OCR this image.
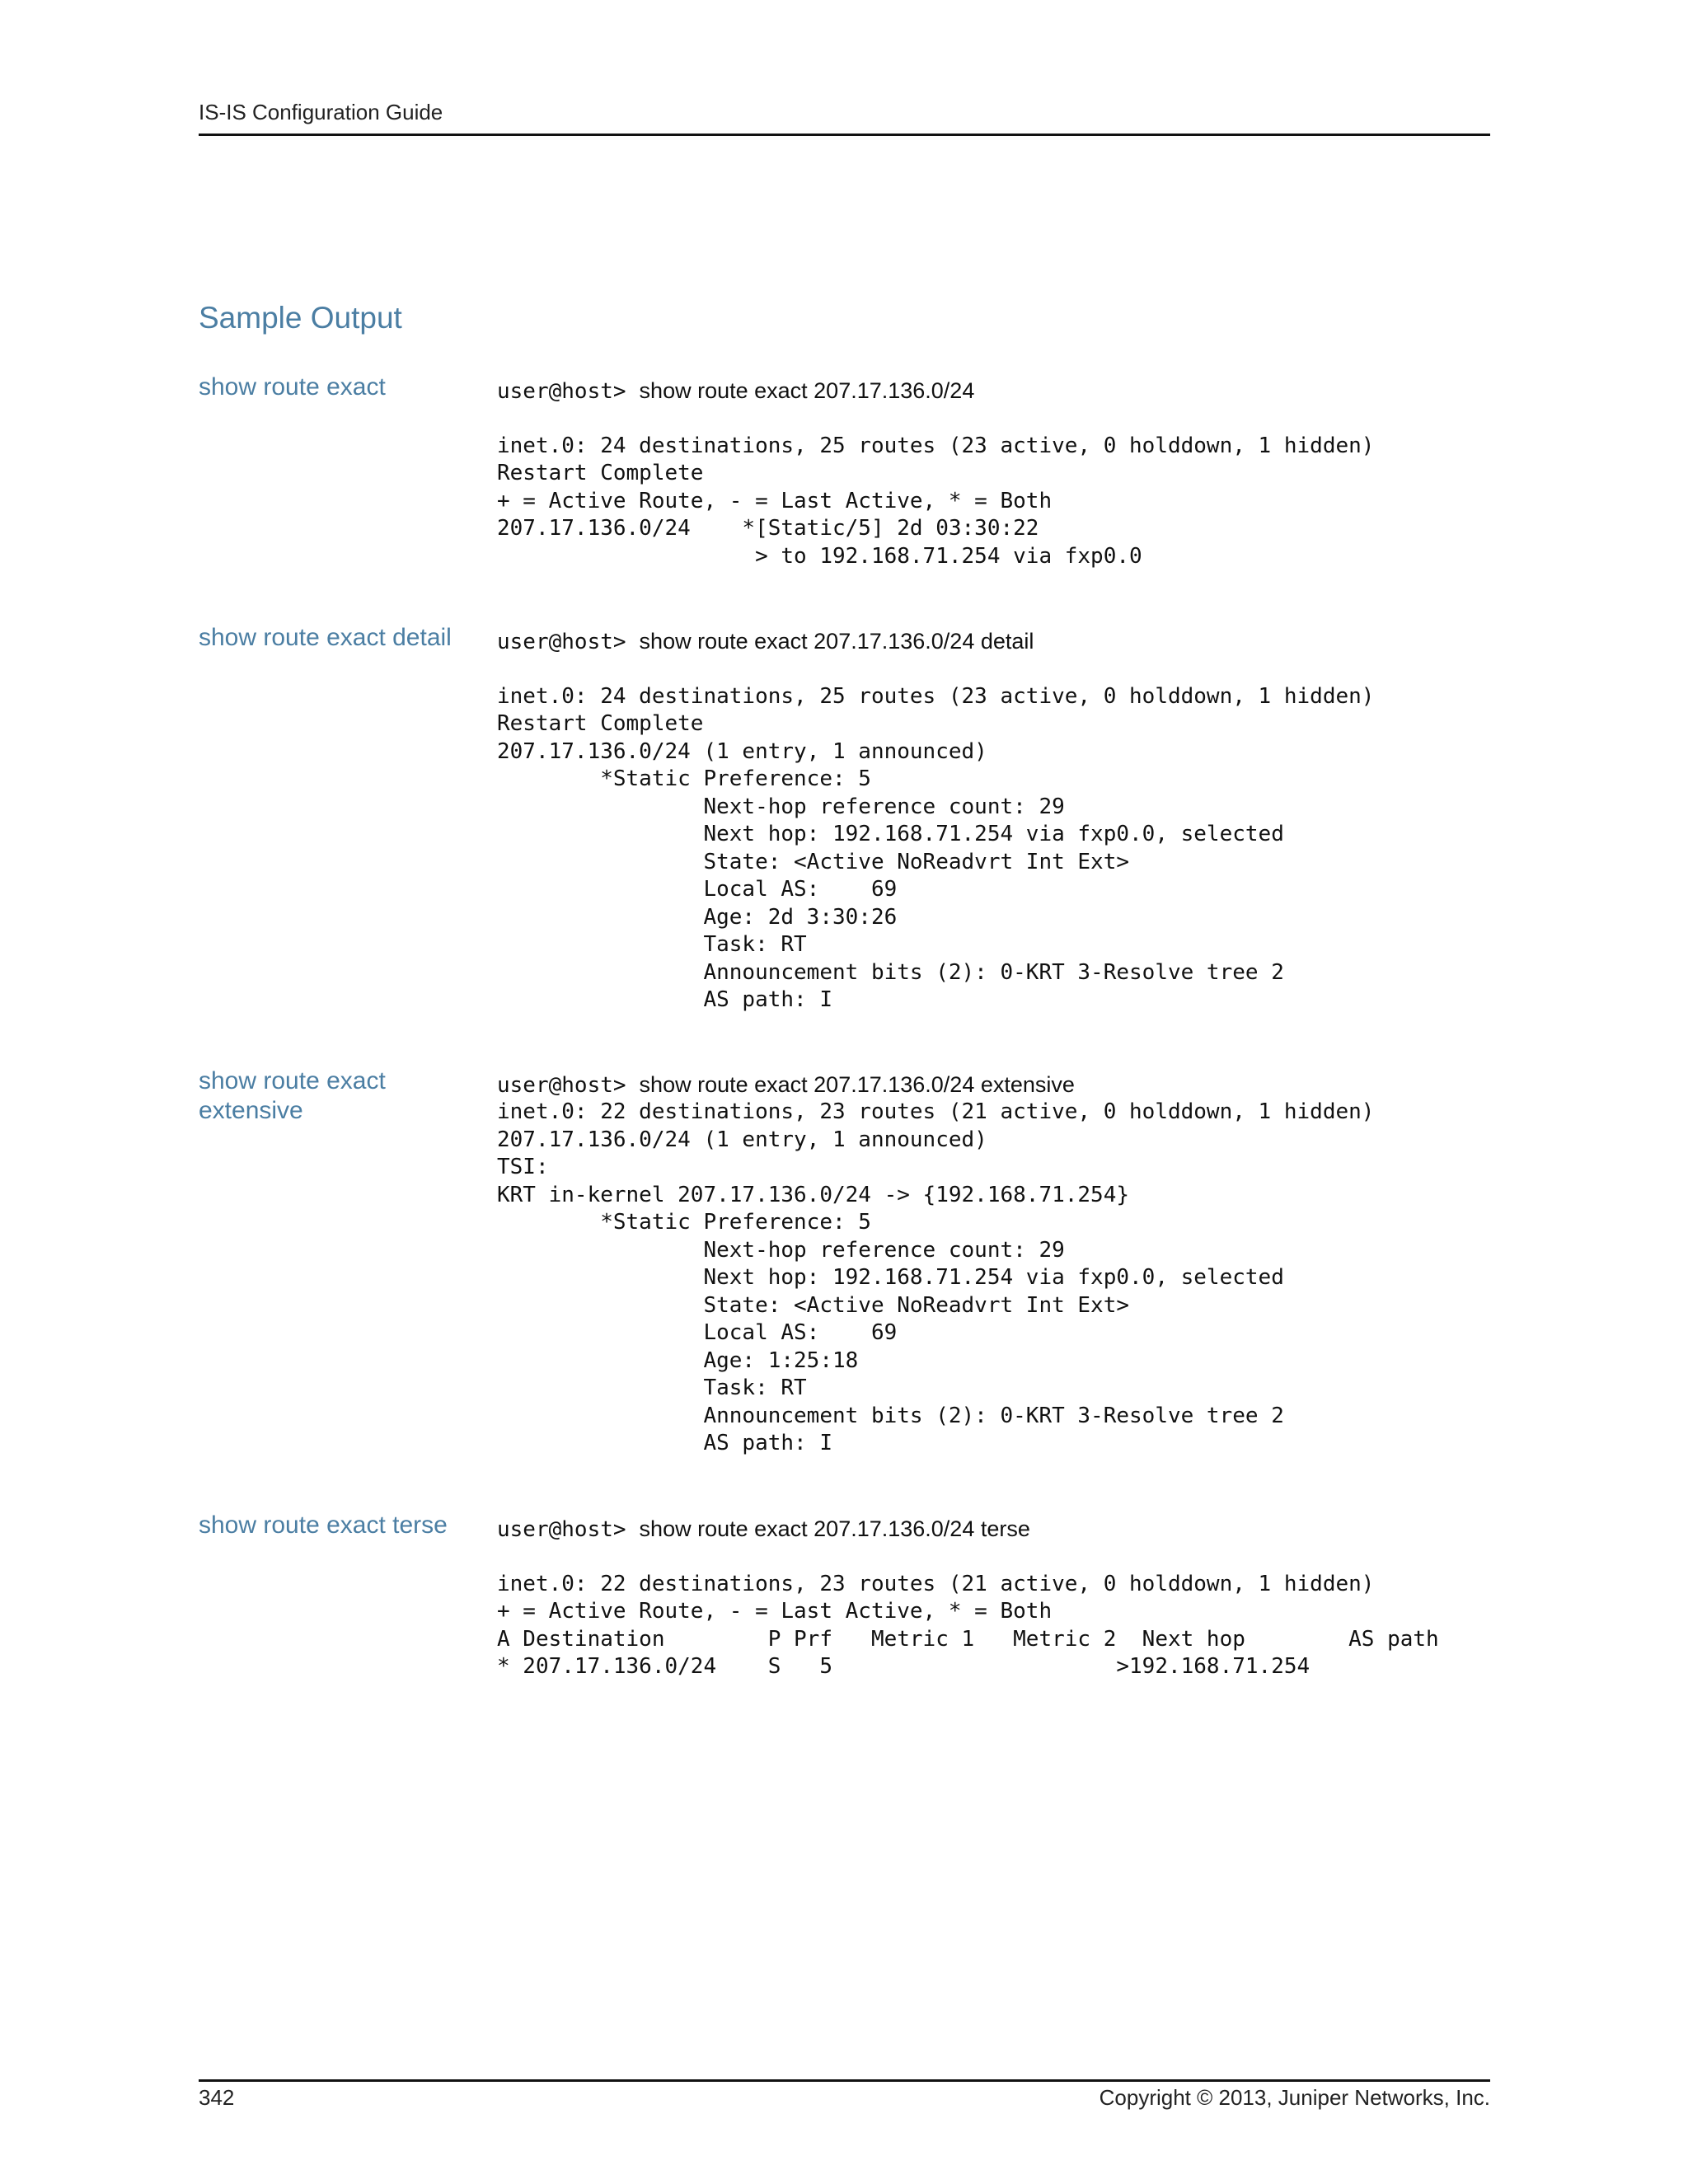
IS-IS Configuration Guide
Sample Output
show route exact	user@host> show route exact 207.17.136.0/24
inet.0: 24 destinations, 25 routes (23 active, 0 holddown, 1 hidden)
Restart Complete
+ = Active Route, - = Last Active, * = Both
207.17.136.0/24    *[Static/5] 2d 03:30:22
> to 192.168.71.254 via fxp0.0
show route exact detail	user@host> show route exact 207.17.136.0/24 detail
inet.0: 24 destinations, 25 routes (23 active, 0 holddown, 1 hidden)
Restart Complete
207.17.136.0/24 (1 entry, 1 announced)
*Static Preference: 5
Next-hop reference count: 29
Next hop: 192.168.71.254 via fxp0.0, selected
State: <Active NoReadvrt Int Ext>
Local AS:    69
Age: 2d 3:30:26
Task: RT
Announcement bits (2): 0-KRT 3-Resolve tree 2
AS path: I
show route exact
extensive
user@host> show route exact 207.17.136.0/24 extensive
inet.0: 22 destinations, 23 routes (21 active, 0 holddown, 1 hidden)
207.17.136.0/24 (1 entry, 1 announced)
TSI:
KRT in-kernel 207.17.136.0/24 -> {192.168.71.254}
*Static Preference: 5
Next-hop reference count: 29
Next hop: 192.168.71.254 via fxp0.0, selected
State: <Active NoReadvrt Int Ext>
Local AS:    69
Age: 1:25:18
Task: RT
Announcement bits (2): 0-KRT 3-Resolve tree 2
AS path: I
show route exact terse	user@host> show route exact 207.17.136.0/24 terse
inet.0: 22 destinations, 23 routes (21 active, 0 holddown, 1 hidden)
+ = Active Route, - = Last Active, * = Both
A Destination        P Prf   Metric 1   Metric 2  Next hop        AS path
* 207.17.136.0/24    S   5                      >192.168.71.254
342	Copyright © 2013, Juniper Networks, Inc.
